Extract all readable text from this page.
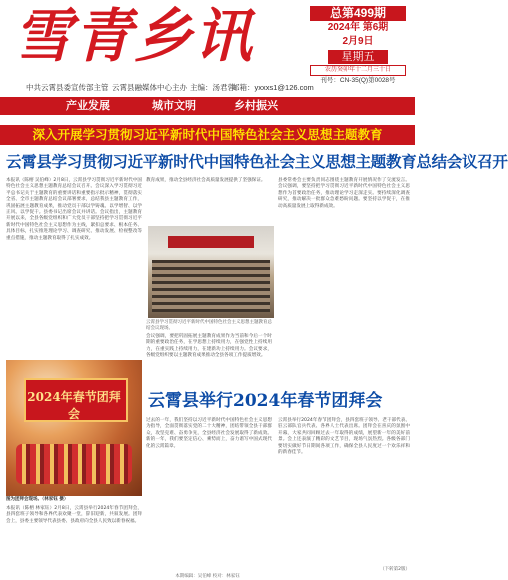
雪青乡讯	总第499期
2024年 第6期
2月9日
星期五
农历癸卯年十二月三十日
刊号：CN-35(Q)第0028号
中共云霄县委宣传部主管 云霄县融媒体中心主办 主编：汤君蓉
邮箱：yxxxs1@126.com
产业发展	城市文明	乡村振兴
深入开展学习贯彻习近平新时代中国特色社会主义思想主题教育
云霄县学习贯彻习近平新时代中国特色社会主义思想主题教育总结会议召开
本报讯（陈榕 吴伯峰）2月8日，云霄县学习贯彻习近平新时代中国特色社会主义思想主题教育总结会议召开。会议深入学习贯彻习近平总书记关于主题教育的重要讲话和重要指示批示精神，贯彻落实全省、全市主题教育总结会议部署要求，总结我县主题教育工作，巩固拓展主题教育成果，推动党员干部以学铸魂、以学增智、以学正风、以学促干。县委书记出席会议并讲话。会议指出，主题教育开展以来，全县各级党组织和广大党员干部坚持把学习贯彻习近平新时代中国特色社会主义思想作为主线，紧扣总要求、根本任务、具体目标，扎实推进理论学习、调查研究、推动发展、检视整改等重点措施，推动主题教育取得了扎实成效。
教育成果，推动全县经济社会高质量发展提供了坚强保证。
云霄县学习贯彻习近平新时代中国特色社会主义思想主题教育总结会议现场。
会议强调，要把巩固拓展主题教育成果作为当前和今后一个时期的重要政治任务，在学思想上持续用力，在强党性上持续用力，在重实践上持续用力，在建新功上持续用力。会议要求，各级党组织要以主题教育成果推动全县各项工作提质增效。
县委常委会主要负责同志围绕主题教育开展情况作了交流发言。会议强调，要坚持把学习贯彻习近平新时代中国特色社会主义思想作为首要政治任务，推动理论学习走深走实。要持续深化调查研究，推动解决一批群众急难愁盼问题。要坚持以学促干，在推动高质量发展上取得新成效。
2024年春节团拜会
图为团拜会现场。（林家钰 摄）
云霄县举行2024年春节团拜会
本报讯（陈榕 林家钰）2月8日，云霄县举行2024年春节团拜会，县四套班子领导和各界代表欢聚一堂，辞旧迎新，共叙发展。团拜会上，县委主要领导代表县委、县政府向全县人民致以新春祝福。
过去的一年，我们坚持以习近平新时代中国特色社会主义思想为指导，全面贯彻落实党的二十大精神，团结带领全县干部群众，攻坚克难、奋勇争先，全县经济社会发展取得了新成效。新的一年，我们要坚定信心、乘势而上，奋力谱写中国式现代化的云霄篇章。
云霄县举行2024年春节团拜会，县四套班子领导、老干部代表、驻云部队官兵代表、各界人士代表出席。团拜会在喜庆的氛围中开幕，大家共同回顾过去一年取得的成绩，展望新一年的美好前景。会上还表演了精彩的文艺节目，现场气氛热烈。各级各部门要切实做好节日期间各项工作，确保全县人民度过一个欢乐祥和的新春佳节。
（下转第2版）
本期编辑：吴伯峰 校对：林家钰
